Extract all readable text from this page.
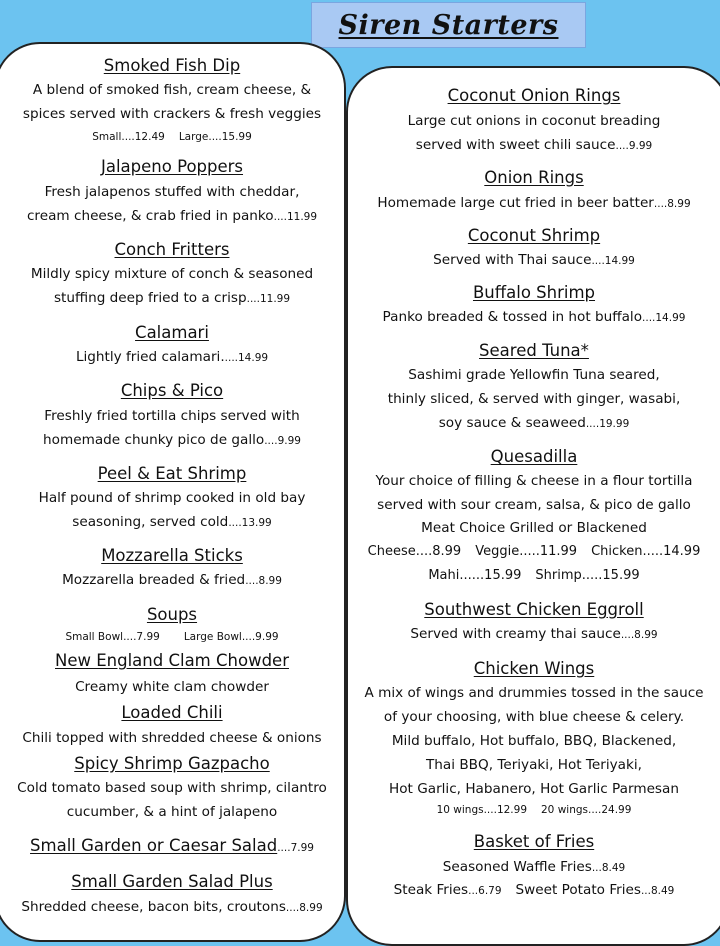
Siren Starters
Smoked Fish Dip
A blend of smoked fish, cream cheese, &
spices served with crackers & fresh veggies
Small....12.49 Large....15.99
Jalapeno Poppers
Fresh jalapenos stuffed with cheddar,
cream cheese, & crab fried in panko....11.99
Conch Fritters
Mildly spicy mixture of conch & seasoned
stuffing deep fried to a crisp....11.99
Calamari
Lightly fried calamari.....14.99
Chips & Pico
Freshly fried tortilla chips served with
homemade chunky pico de gallo....9.99
Peel & Eat Shrimp
Half pound of shrimp cooked in old bay
seasoning, served cold....13.99
Mozzarella Sticks
Mozzarella breaded & fried....8.99
Soups
Small Bowl....7.99 Large Bowl....9.99
New England Clam Chowder
Creamy white clam chowder
Loaded Chili
Chili topped with shredded cheese & onions
Spicy Shrimp Gazpacho
Cold tomato based soup with shrimp, cilantro
cucumber, & a hint of jalapeno
Small Garden or Caesar Salad....7.99
Small Garden Salad Plus
Shredded cheese, bacon bits, croutons....8.99
Coconut Onion Rings
Large cut onions in coconut breading
served with sweet chili sauce....9.99
Onion Rings
Homemade large cut fried in beer batter....8.99
Coconut Shrimp
Served with Thai sauce....14.99
Buffalo Shrimp
Panko breaded & tossed in hot buffalo....14.99
Seared Tuna*
Sashimi grade Yellowfin Tuna seared,
thinly sliced, & served with ginger, wasabi,
soy sauce & seaweed....19.99
Quesadilla
Your choice of filling & cheese in a flour tortilla
served with sour cream, salsa, & pico de gallo
Meat Choice Grilled or Blackened
Cheese....8.99 Veggie.....11.99 Chicken.....14.99
Mahi......15.99 Shrimp.....15.99
Southwest Chicken Eggroll
Served with creamy thai sauce....8.99
Chicken Wings
A mix of wings and drummies tossed in the sauce
of your choosing, with blue cheese & celery.
Mild buffalo, Hot buffalo, BBQ, Blackened,
Thai BBQ, Teriyaki, Hot Teriyaki,
Hot Garlic, Habanero, Hot Garlic Parmesan
10 wings....12.99 20 wings....24.99
Basket of Fries
Seasoned Waffle Fries...8.49
Steak Fries...6.79 Sweet Potato Fries...8.49
